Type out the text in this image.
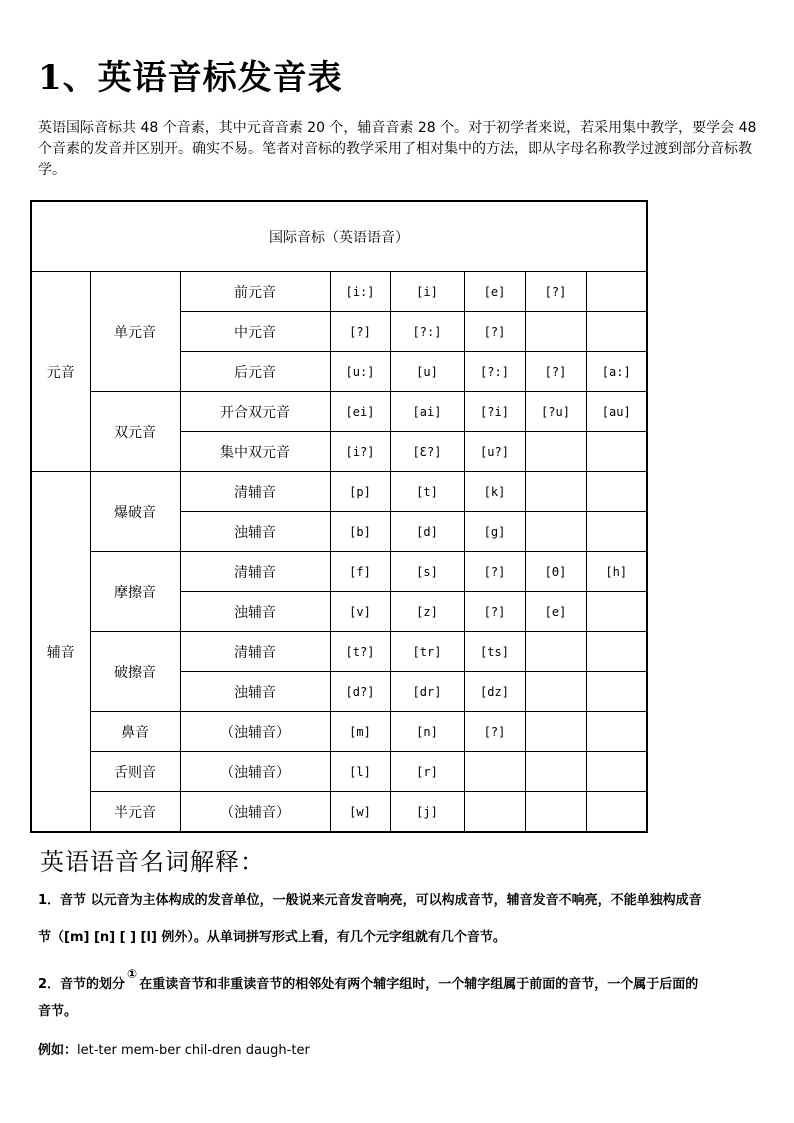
1、英语音标发音表

英语国际音标共 48 个音素，其中元音音素 20 个，辅音音素 28 个。对于初学者来说，若采用集中教学，要学会 48 个音素的发音并区别开。确实不易。笔者对音标的教学采用了相对集中的方法，即从字母名称教学过渡到部分音标教学。

国际音标（英语语音）							
元音	单元音	前元音	[i:]	[i]	[e]	[?]	
		中元音	[?]	[?:]	[?]		
		后元音	[u:]	[u]	[?:]	[?]	[a:]
	双元音	开合双元音	[ei]	[ai]	[?i]	[?u]	[au]
		集中双元音	[i?]	[Ɛ?]	[u?]		
辅音	爆破音	清辅音	[p]	[t]	[k]		
		浊辅音	[b]	[d]	[g]		
	摩擦音	清辅音	[f]	[s]	[?]	[Θ]	[h]
		浊辅音	[v]	[z]	[?]	[e]	
	破擦音	清辅音	[t?]	[tr]	[ts]		
		浊辅音	[d?]	[dr]	[dz]		
	鼻音	（浊辅音）	[m]	[n]	[?]		
	舌则音	（浊辅音）	[l]	[r]			
	半元音	（浊辅音）	[w]	[j]			
英语语音名词解释：

1．音节 以元音为主体构成的发音单位，一般说来元音发音响亮，可以构成音节，辅音发音不响亮，不能单独构成音

节（[m] [n] [ ] [l] 例外）。从单词拼写形式上看，有几个元字组就有几个音节。

2．音节的划分①在重读音节和非重读音节的相邻处有两个辅字组时，一个辅字组属于前面的音节，一个属于后面的

音节。

例如：let-ter mem-ber chil-dren daugh-ter
